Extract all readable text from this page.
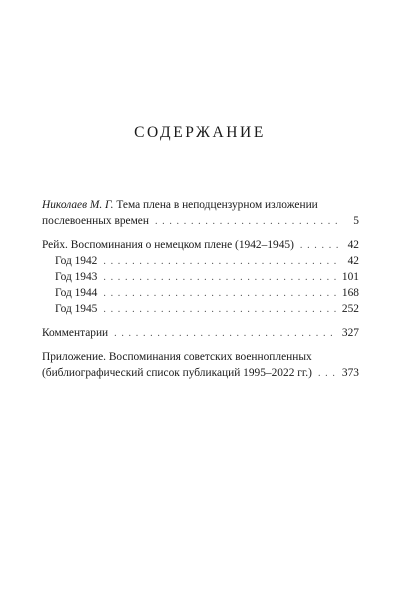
СОДЕРЖАНИЕ
Николаев М. Г. Тема плена в неподцензурном изложении
послевоенных времен . . .	5
Рейх. Воспоминания о немецком плене (1942–1945) . . .	42
Год 1942 . . .	42
Год 1943 . . .	101
Год 1944 . . .	168
Год 1945 . . .	252
Комментарии . . .	327
Приложение. Воспоминания советских военнопленных
(библиографический список публикаций 1995–2022 гг.) . . .	373
